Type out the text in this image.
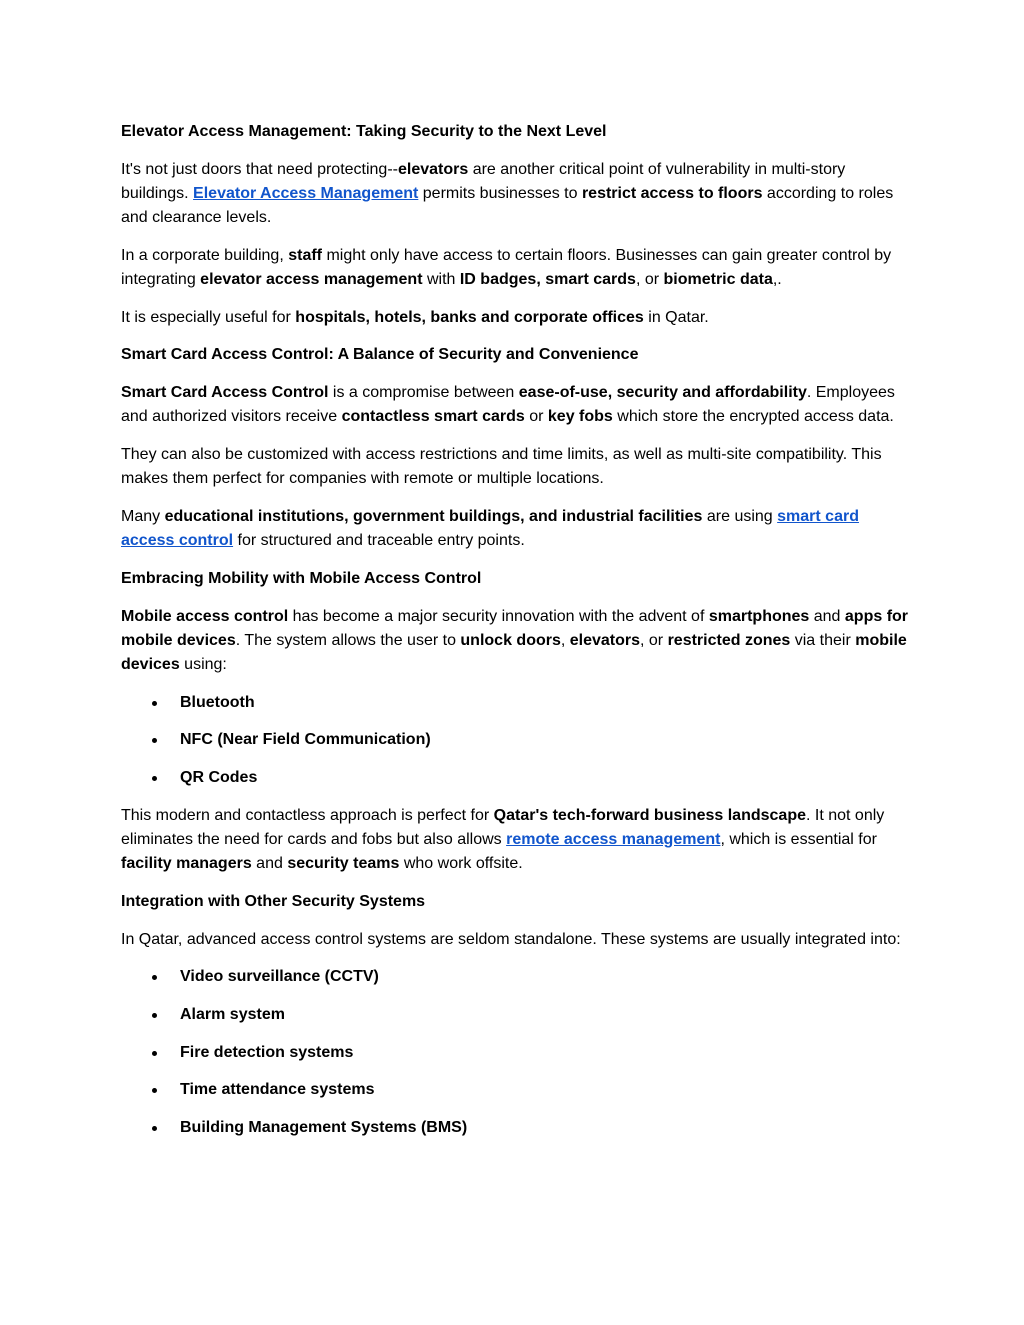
Elevator Access Management: Taking Security to the Next Level

It's not just doors that need protecting--elevators are another critical point of vulnerability in multi-story buildings. Elevator Access Management permits businesses to restrict access to floors according to roles and clearance levels.

In a corporate building, staff might only have access to certain floors. Businesses can gain greater control by integrating elevator access management with ID badges, smart cards, or biometric data,.

It is especially useful for hospitals, hotels, banks and corporate offices in Qatar.

Smart Card Access Control: A Balance of Security and Convenience

Smart Card Access Control is a compromise between ease-of-use, security and affordability. Employees and authorized visitors receive contactless smart cards or key fobs which store the encrypted access data.

They can also be customized with access restrictions and time limits, as well as multi-site compatibility. This makes them perfect for companies with remote or multiple locations.

Many educational institutions, government buildings, and industrial facilities are using smart card access control for structured and traceable entry points.

Embracing Mobility with Mobile Access Control

Mobile access control has become a major security innovation with the advent of smartphones and apps for mobile devices. The system allows the user to unlock doors, elevators, or restricted zones via their mobile devices using:

Bluetooth
NFC (Near Field Communication)
QR Codes

This modern and contactless approach is perfect for Qatar's tech-forward business landscape. It not only eliminates the need for cards and fobs but also allows remote access management, which is essential for facility managers and security teams who work offsite.

Integration with Other Security Systems

In Qatar, advanced access control systems are seldom standalone. These systems are usually integrated into:

Video surveillance (CCTV)
Alarm system
Fire detection systems
Time attendance systems
Building Management Systems (BMS)
